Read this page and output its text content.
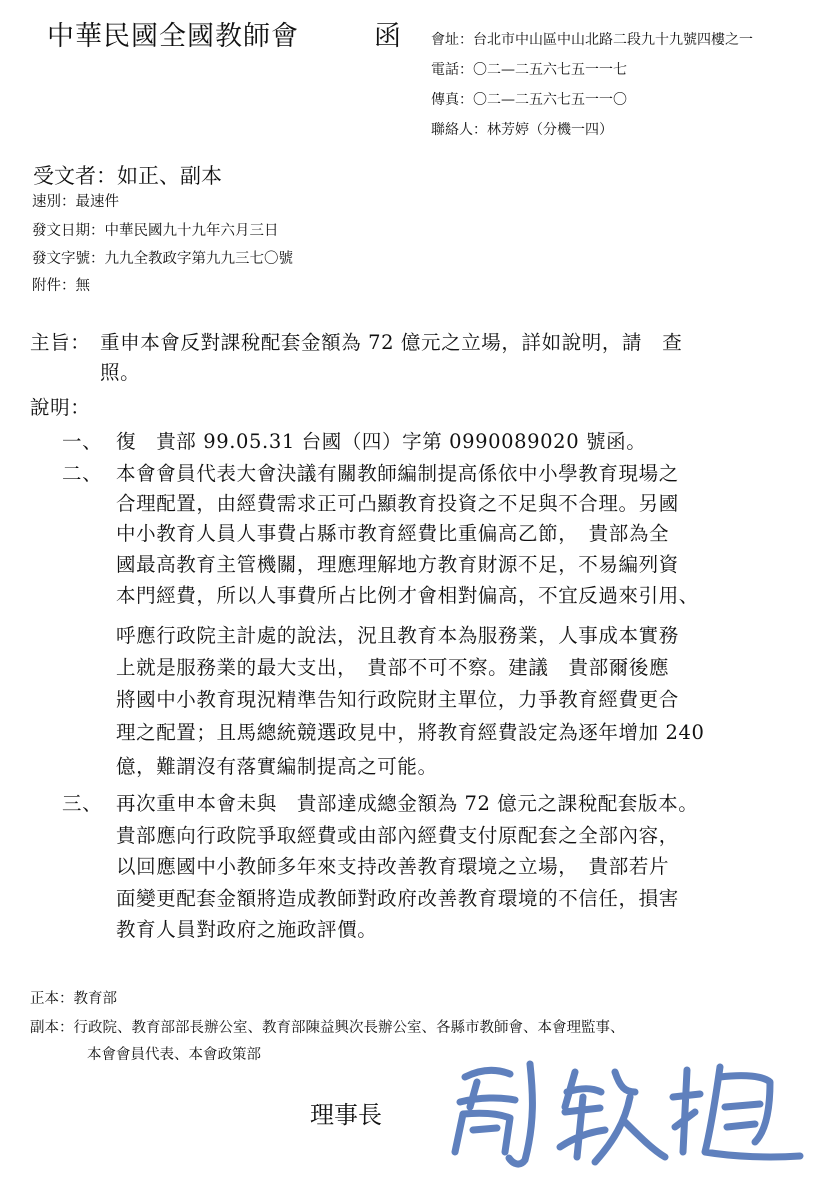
中華民國全國教師會	函 會址：台北市中山區中山北路二段九十九號四樓之一
電話：〇二—二五六七五一一七
傳真：〇二—二五六七五一一〇
聯絡人：林芳婷（分機一四）
受文者：如正、副本
速別：最速件
發文日期：中華民國九十九年六月三日
發文字號：九九全教政字第九九三七〇號
附件：無
主旨： 重申本會反對課稅配套金額為 72 億元之立場，詳如說明，請　查
照。
說明：
一、 復　貴部 99.05.31 台國（四）字第 0990089020 號函。
二、 本會會員代表大會決議有關教師編制提高係依中小學教育現場之
合理配置，由經費需求正可凸顯教育投資之不足與不合理。另國
中小教育人員人事費占縣市教育經費比重偏高乙節，　貴部為全
國最高教育主管機關，理應理解地方教育財源不足，不易編列資
本門經費，所以人事費所占比例才會相對偏高，不宜反過來引用、
呼應行政院主計處的說法，況且教育本為服務業，人事成本實務
上就是服務業的最大支出，　貴部不可不察。建議　貴部爾後應
將國中小教育現況精準告知行政院財主單位，力爭教育經費更合
理之配置；且馬總統競選政見中，將教育經費設定為逐年增加 240
億，難謂沒有落實編制提高之可能。
三、 再次重申本會未與　貴部達成總金額為 72 億元之課稅配套版本。
貴部應向行政院爭取經費或由部內經費支付原配套之全部內容，
以回應國中小教師多年來支持改善教育環境之立場，　貴部若片
面變更配套金額將造成教師對政府改善教育環境的不信任，損害
教育人員對政府之施政評價。
正本：教育部
副本：行政院、教育部部長辦公室、教育部陳益興次長辦公室、各縣市教師會、本會理監事、
本會會員代表、本會政策部
理事長
